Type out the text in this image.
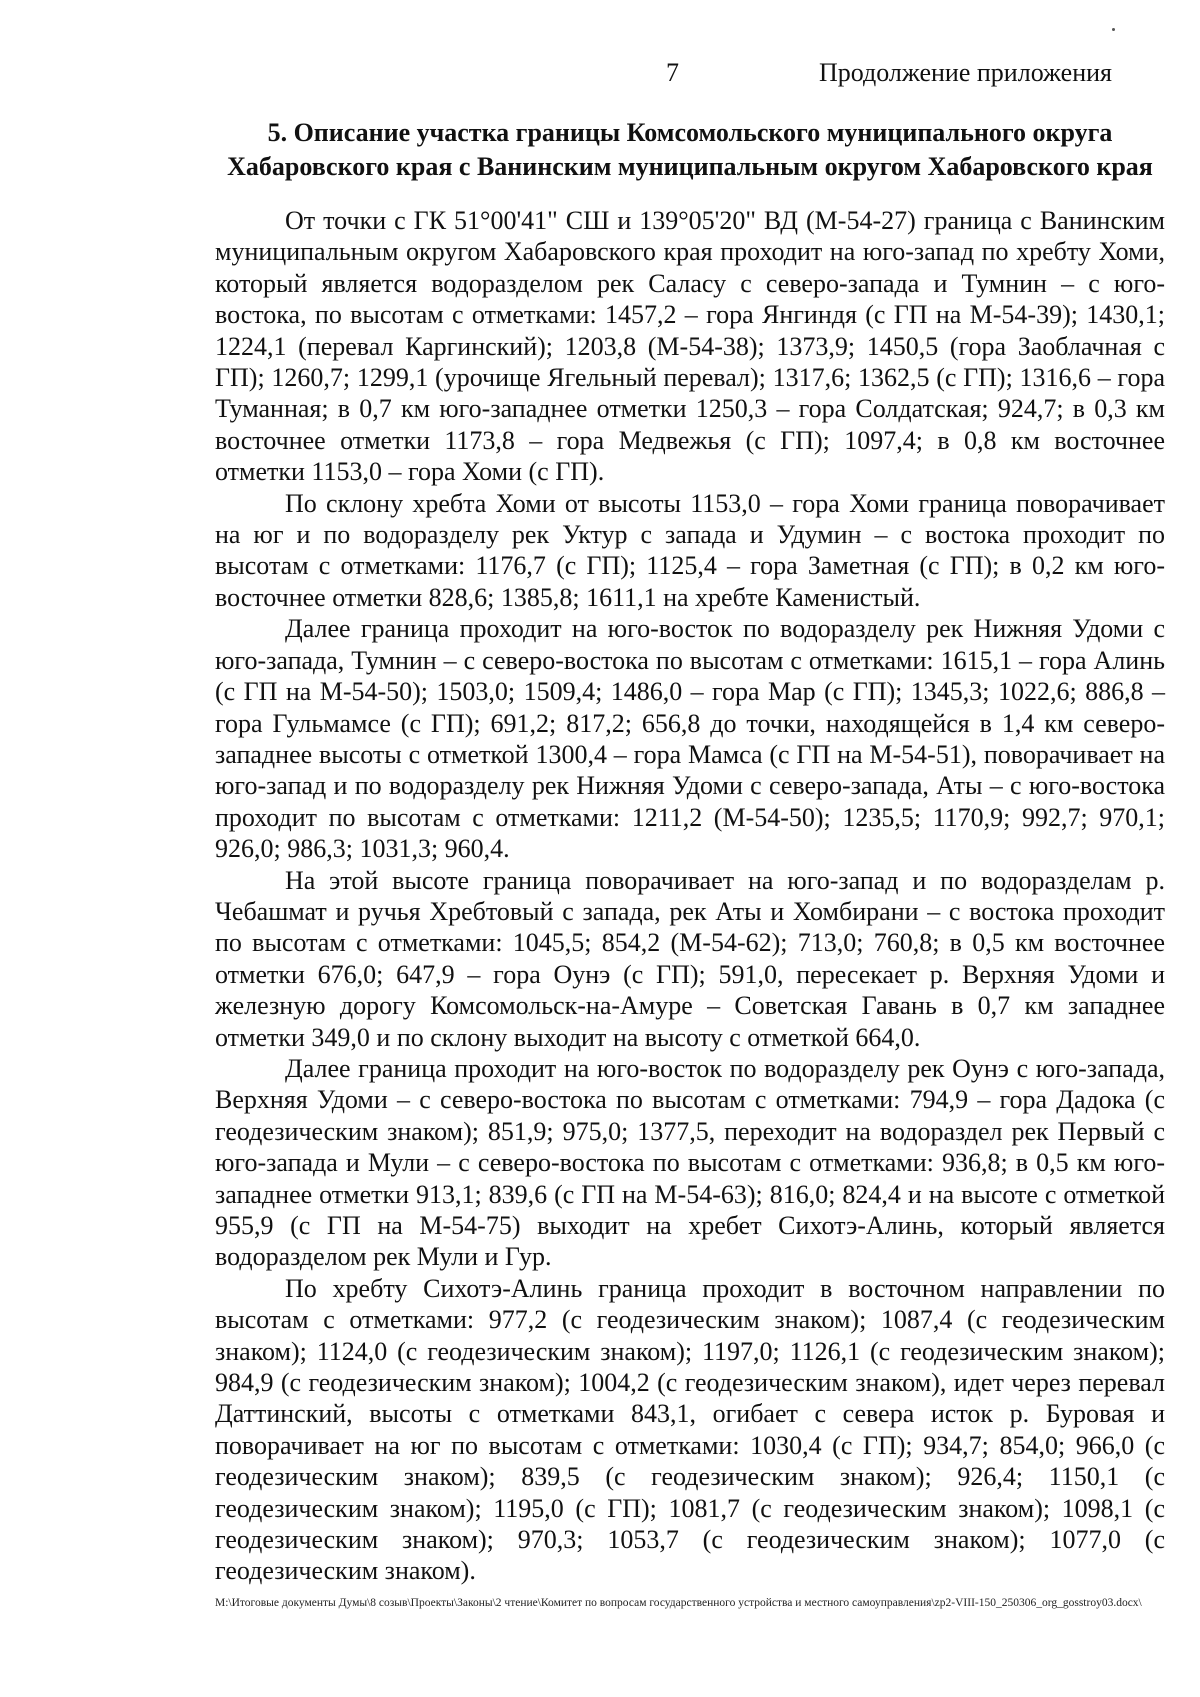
7	Продолжение приложения
5. Описание участка границы Комсомольского муниципального округа
Хабаровского края с Ванинским муниципальным округом Хабаровского края

От точки с ГК 51°00'41" СШ и 139°05'20" ВД (М-54-27) граница с Ванинским муниципальным округом Хабаровского края проходит на юго-запад по хребту Хоми, который является водоразделом рек Саласу с северо-запада и Тумнин – с юго-востока, по высотам с отметками: 1457,2 – гора Янгиндя (с ГП на М-54-39); 1430,1; 1224,1 (перевал Каргинский); 1203,8 (М-54-38); 1373,9; 1450,5 (гора Заоблачная с ГП); 1260,7; 1299,1 (урочище Ягельный перевал); 1317,6; 1362,5 (с ГП); 1316,6 – гора Туманная; в 0,7 км юго-западнее отметки 1250,3 – гора Солдатская; 924,7; в 0,3 км восточнее отметки 1173,8 – гора Медвежья (с ГП); 1097,4; в 0,8 км восточнее отметки 1153,0 – гора Хоми (с ГП).

По склону хребта Хоми от высоты 1153,0 – гора Хоми граница поворачивает на юг и по водоразделу рек Уктур с запада и Удумин – с востока проходит по высотам с отметками: 1176,7 (с ГП); 1125,4 – гора Заметная (с ГП); в 0,2 км юго-восточнее отметки 828,6; 1385,8; 1611,1 на хребте Каменистый.

Далее граница проходит на юго-восток по водоразделу рек Нижняя Удоми с юго-запада, Тумнин – с северо-востока по высотам с отметками: 1615,1 – гора Алинь (с ГП на М-54-50); 1503,0; 1509,4; 1486,0 – гора Мар (с ГП); 1345,3; 1022,6; 886,8 – гора Гульмамсе (с ГП); 691,2; 817,2; 656,8 до точки, находящейся в 1,4 км северо-западнее высоты с отметкой 1300,4 – гора Мамса (с ГП на М-54-51), поворачивает на юго-запад и по водоразделу рек Нижняя Удоми с северо-запада, Аты – с юго-востока проходит по высотам с отметками: 1211,2 (М-54-50); 1235,5; 1170,9; 992,7; 970,1; 926,0; 986,3; 1031,3; 960,4.

На этой высоте граница поворачивает на юго-запад и по водоразделам р. Чебашмат и ручья Хребтовый с запада, рек Аты и Хомбирани – с востока проходит по высотам с отметками: 1045,5; 854,2 (М-54-62); 713,0; 760,8; в 0,5 км восточнее отметки 676,0; 647,9 – гора Оунэ (с ГП); 591,0, пересекает р. Верхняя Удоми и железную дорогу Комсомольск-на-Амуре – Советская Гавань в 0,7 км западнее отметки 349,0 и по склону выходит на высоту с отметкой 664,0.

Далее граница проходит на юго-восток по водоразделу рек Оунэ с юго-запада, Верхняя Удоми – с северо-востока по высотам с отметками: 794,9 – гора Дадока (с геодезическим знаком); 851,9; 975,0; 1377,5, переходит на водораздел рек Первый с юго-запада и Мули – с северо-востока по высотам с отметками: 936,8; в 0,5 км юго-западнее отметки 913,1; 839,6 (с ГП на М-54-63); 816,0; 824,4 и на высоте с отметкой 955,9 (с ГП на М-54-75) выходит на хребет Сихотэ-Алинь, который является водоразделом рек Мули и Гур.

По хребту Сихотэ-Алинь граница проходит в восточном направлении по высотам с отметками: 977,2 (с геодезическим знаком); 1087,4 (с геодезическим знаком); 1124,0 (с геодезическим знаком); 1197,0; 1126,1 (с геодезическим знаком); 984,9 (с геодезическим знаком); 1004,2 (с геодезическим знаком), идет через перевал Даттинский, высоты с отметками 843,1, огибает с севера исток р. Буровая и поворачивает на юг по высотам с отметками: 1030,4 (с ГП); 934,7; 854,0; 966,0 (с геодезическим знаком); 839,5 (с геодезическим знаком); 926,4; 1150,1 (с геодезическим знаком); 1195,0 (с ГП); 1081,7 (с геодезическим знаком); 1098,1 (с геодезическим знаком); 970,3; 1053,7 (с геодезическим знаком); 1077,0 (с геодезическим знаком).

М:\Итоговые документы Думы\8 созыв\Проекты\Законы\2 чтение\Комитет по вопросам государственного устройства и местного самоуправления\zp2-VIII-150_250306_org_gosstroy03.docx\
